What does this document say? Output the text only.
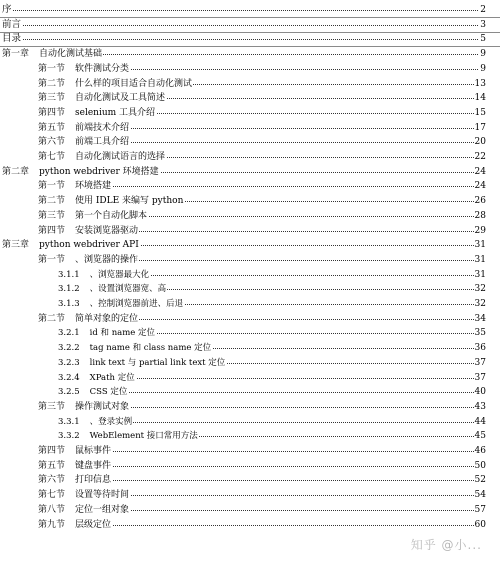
序	2
前言	3
目录	5
第一章 自动化测试基础	9
第一节 软件测试分类	9
第二节 什么样的项目适合自动化测试	13
第三节 自动化测试及工具简述	14
第四节 selenium 工具介绍	15
第五节 前端技术介绍	17
第六节 前端工具介绍	20
第七节 自动化测试语言的选择	22
第二章 python webdriver 环境搭建	24
第一节 环境搭建	24
第二节 使用 IDLE 来编写 python	26
第三节 第一个自动化脚本	28
第四节 安装浏览器驱动	29
第三章 python webdriver API	31
第一节 、浏览器的操作	31
3.1.1 、浏览器最大化	31
3.1.2 、设置浏览器宽、高	32
3.1.3 、控制浏览器前进、后退	32
第二节 简单对象的定位	34
3.2.1 id 和 name 定位	35
3.2.2 tag name 和 class name 定位	36
3.2.3 link text 与 partial link text 定位	37
3.2.4 XPath 定位	37
3.2.5 CSS 定位	40
第三节 操作测试对象	43
3.3.1 、登录实例	44
3.3.2 WebElement 接口常用方法	45
第四节 鼠标事件	46
第五节 键盘事件	50
第六节 打印信息	52
第七节 设置等待时间	54
第八节 定位一组对象	57
第九节 层级定位	60
知乎 @小...
